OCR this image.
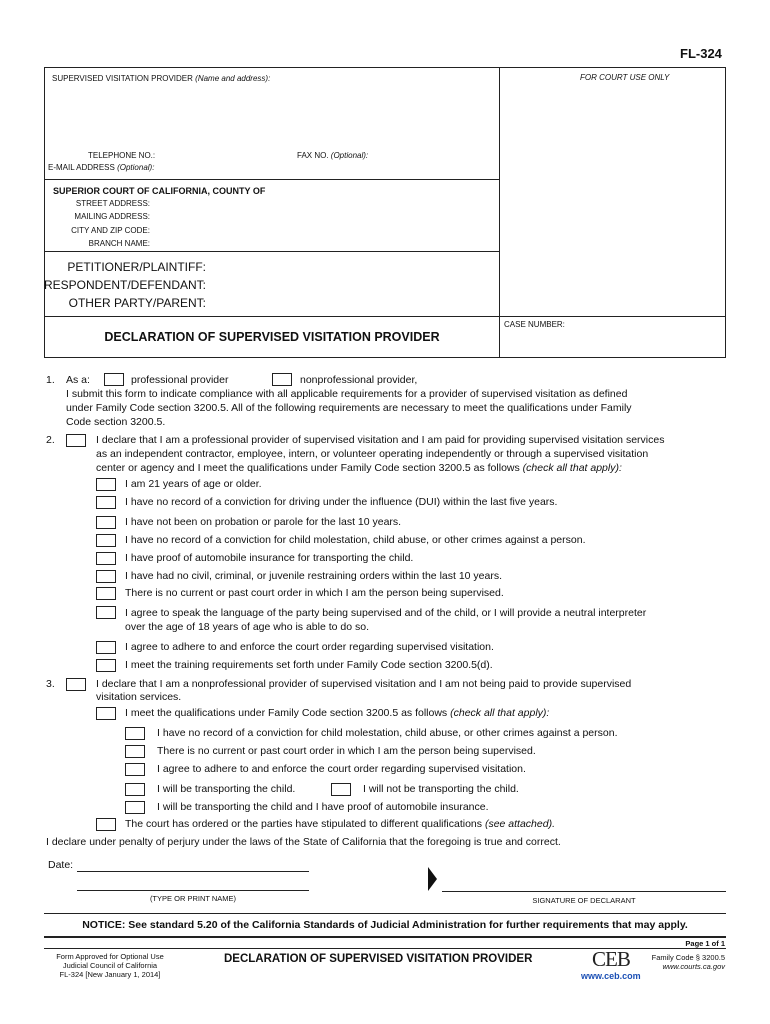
FL-324
SUPERVISED VISITATION PROVIDER (Name and address):	FOR COURT USE ONLY
TELEPHONE NO.:	FAX NO. (Optional):
E-MAIL ADDRESS (Optional):
SUPERIOR COURT OF CALIFORNIA, COUNTY OF
STREET ADDRESS:
MAILING ADDRESS:
CITY AND ZIP CODE:
BRANCH NAME:
PETITIONER/PLAINTIFF:
RESPONDENT/DEFENDANT:
OTHER PARTY/PARENT:
DECLARATION OF SUPERVISED VISITATION PROVIDER
CASE NUMBER:
1. As a:	professional provider	nonprofessional provider,
I submit this form to indicate compliance with all applicable requirements for a provider of supervised visitation as defined
under Family Code section 3200.5. All of the following requirements are necessary to meet the qualifications under Family
Code section 3200.5.
2.	I declare that I am a professional provider of supervised visitation and I am paid for providing supervised visitation services
as an independent contractor, employee, intern, or volunteer operating independently or through a supervised visitation
center or agency and I meet the qualifications under Family Code section 3200.5 as follows (check all that apply):
I am 21 years of age or older.
I have no record of a conviction for driving under the influence (DUI) within the last five years.
I have not been on probation or parole for the last 10 years.
I have no record of a conviction for child molestation, child abuse, or other crimes against a person.
I have proof of automobile insurance for transporting the child.
I have had no civil, criminal, or juvenile restraining orders within the last 10 years.
There is no current or past court order in which I am the person being supervised.
I agree to speak the language of the party being supervised and of the child, or I will provide a neutral interpreter
over the age of 18 years of age who is able to do so.
I agree to adhere to and enforce the court order regarding supervised visitation.
I meet the training requirements set forth under Family Code section 3200.5(d).
3.	I declare that I am a nonprofessional provider of supervised visitation and I am not being paid to provide supervised
visitation services.
I meet the qualifications under Family Code section 3200.5 as follows (check all that apply):
I have no record of a conviction for child molestation, child abuse, or other crimes against a person.
There is no current or past court order in which I am the person being supervised.
I agree to adhere to and enforce the court order regarding supervised visitation.
I will be transporting the child.	I will not be transporting the child.
I will be transporting the child and I have proof of automobile insurance.
The court has ordered or the parties have stipulated to different qualifications (see attached).
I declare under penalty of perjury under the laws of the State of California that the foregoing is true and correct.
Date:
(TYPE OR PRINT NAME)	SIGNATURE OF DECLARANT
NOTICE: See standard 5.20 of the California Standards of Judicial Administration for further requirements that may apply.
Page 1 of 1
Form Approved for Optional Use
Judicial Council of California
FL-324 [New January 1, 2014]
DECLARATION OF SUPERVISED VISITATION PROVIDER	CEB
www.ceb.com
Family Code § 3200.5
www.courts.ca.gov
